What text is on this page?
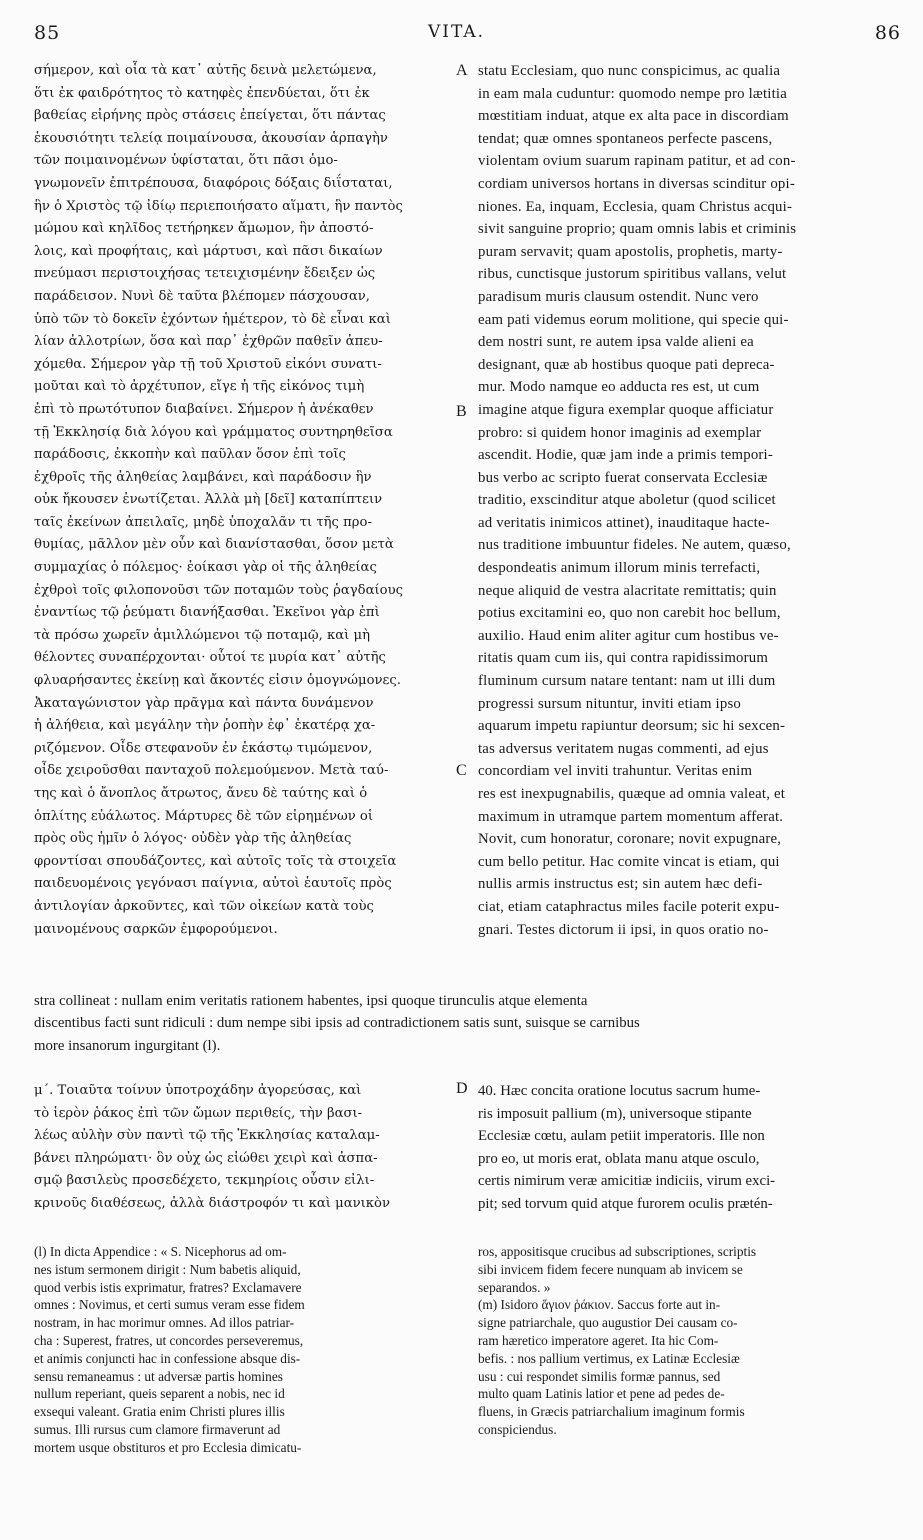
85	VITA.	86
σήμερον, καὶ οἷα τὰ κατ᾽ αὐτῆς δεινὰ μελετώμενα,
ὅτι ἐκ φαιδρότητος τὸ κατηφὲς ἐπενδύεται, ὅτι ἐκ
βαθείας εἰρήνης πρὸς στάσεις ἐπείγεται, ὅτι πάντας
ἑκουσιότητι τελείᾳ ποιμαίνουσα, ἀκουσίαν ἁρπαγὴν
τῶν ποιμαινομένων ὑφίσταται, ὅτι πᾶσι ὁμο-
γνωμονεῖν ἐπιτρέπουσα, διαφόροις δόξαις διΐσταται,
ἣν ὁ Χριστὸς τῷ ἰδίῳ περιεποιήσατο αἵματι, ἣν παντὸς
μώμου καὶ κηλῖδος τετήρηκεν ἄμωμον, ἣν ἀποστό-
λοις, καὶ προφήταις, καὶ μάρτυσι, καὶ πᾶσι δικαίων
πνεύμασι περιστοιχήσας τετειχισμένην ἔδειξεν ὡς
παράδεισον. Νυνὶ δὲ ταῦτα βλέπομεν πάσχουσαν,
ὑπὸ τῶν τὸ δοκεῖν ἐχόντων ἡμέτερον, τὸ δὲ εἶναι καὶ
λίαν ἀλλοτρίων, ὅσα καὶ παρ᾽ ἐχθρῶν παθεῖν ἀπευ-
χόμεθα. Σήμερον γὰρ τῇ τοῦ Χριστοῦ εἰκόνι συνατι-
μοῦται καὶ τὸ ἀρχέτυπον, εἴγε ἡ τῆς εἰκόνος τιμὴ
ἐπὶ τὸ πρωτότυπον διαβαίνει. Σήμερον ἡ ἀνέκαθεν
τῇ Ἐκκλησίᾳ διὰ λόγου καὶ γράμματος συντηρηθεῖσα
παράδοσις, ἐκκοπὴν καὶ παῦλαν ὅσον ἐπὶ τοῖς
ἐχθροῖς τῆς ἀληθείας λαμβάνει, καὶ παράδοσιν ἣν
οὐκ ἤκουσεν ἐνωτίζεται. Ἀλλὰ μὴ [δεῖ] καταπίπτειν
ταῖς ἐκείνων ἀπειλαῖς, μηδὲ ὑποχαλᾶν τι τῆς προ-
θυμίας, μᾶλλον μὲν οὖν καὶ διανίστασθαι, ὅσον μετὰ
συμμαχίας ὁ πόλεμος· ἐοίκασι γὰρ οἱ τῆς ἀληθείας
ἐχθροὶ τοῖς φιλοπονοῦσι τῶν ποταμῶν τοὺς ῥαγδαίους
ἐναντίως τῷ ῥεύματι διανήξασθαι. Ἐκεῖνοι γὰρ ἐπὶ
τὰ πρόσω χωρεῖν ἁμιλλώμενοι τῷ ποταμῷ, καὶ μὴ
θέλοντες συναπέρχονται· οὗτοί τε μυρία κατ᾽ αὐτῆς
φλυαρήσαντες ἐκείνῃ καὶ ἄκοντές εἰσιν ὁμογνώμονες.
Ἀκαταγώνιστον γὰρ πρᾶγμα καὶ πάντα δυνάμενον
ἡ ἀλήθεια, καὶ μεγάλην τὴν ῥοπὴν ἐφ᾽ ἑκατέρᾳ χα-
ριζόμενον. Οἶδε στεφανοῦν ἐν ἑκάστῳ τιμώμενον,
οἶδε χειροῦσθαι πανταχοῦ πολεμούμενον. Μετὰ ταύ-
της καὶ ὁ ἄνοπλος ἄτρωτος, ἄνευ δὲ ταύτης καὶ ὁ
ὁπλίτης εὐάλωτος. Μάρτυρες δὲ τῶν εἰρημένων οἱ
πρὸς οὓς ἡμῖν ὁ λόγος· οὐδὲν γὰρ τῆς ἀληθείας
φροντίσαι σπουδάζοντες, καὶ αὐτοῖς τοῖς τὰ στοιχεῖα
παιδευομένοις γεγόνασι παίγνια, αὐτοὶ ἑαυτοῖς πρὸς
ἀντιλογίαν ἀρκοῦντες, καὶ τῶν οἰκείων κατὰ τοὺς
μαινομένους σαρκῶν ἐμφορούμενοι.
statu Ecclesiam, quo nunc conspicimus, ac qualia
in eam mala cuduntur: quomodo nempe pro lætitia
mœstitiam induat, atque ex alta pace in discordiam
tendat; quæ omnes spontaneos perfecte pascens,
violentam ovium suarum rapinam patitur, et ad con-
cordiam universos hortans in diversas scinditur opi-
niones. Ea, inquam, Ecclesia, quam Christus acqui-
sivit sanguine proprio; quam omnis labis et criminis
puram servavit; quam apostolis, prophetis, marty-
ribus, cunctisque justorum spiritibus vallans, velut
paradisum muris clausum ostendit. Nunc vero
eam pati videmus eorum molitione, qui specie qui-
dem nostri sunt, re autem ipsa valde alieni ea
designant, quæ ab hostibus quoque pati depreca-
mur. Modo namque eo adducta res est, ut cum
imagine atque figura exemplar quoque afficiatur
probro: si quidem honor imaginis ad exemplar
ascendit. Hodie, quæ jam inde a primis tempori-
bus verbo ac scripto fuerat conservata Ecclesiæ
traditio, exscinditur atque aboletur (quod scilicet
ad veritatis inimicos attinet), inauditaque hacte-
nus traditione imbuuntur fideles. Ne autem, quæso,
despondeatis animum illorum minis terrefacti,
neque aliquid de vestra alacritate remittatis; quin
potius excitamini eo, quo non carebit hoc bellum,
auxilio. Haud enim aliter agitur cum hostibus ve-
ritatis quam cum iis, qui contra rapidissimorum
fluminum cursum natare tentant: nam ut illi dum
progressi sursum nituntur, inviti etiam ipso
aquarum impetu rapiuntur deorsum; sic hi sexcen-
tas adversus veritatem nugas commenti, ad ejus
concordiam vel inviti trahuntur. Veritas enim
res est inexpugnabilis, quæque ad omnia valeat, et
maximum in utramque partem momentum afferat.
Novit, cum honoratur, coronare; novit expugnare,
cum bello petitur. Hac comite vincat is etiam, qui
nullis armis instructus est; sin autem hæc defi-
ciat, etiam cataphractus miles facile poterit expu-
gnari. Testes dictorum ii ipsi, in quos oratio no-
A
B
C
D
stra collineat : nullam enim veritatis rationem habentes, ipsi quoque tirunculis atque elementa
discentibus facti sunt ridiculi : dum nempe sibi ipsis ad contradictionem satis sunt, suisque se carnibus
more insanorum ingurgitant (l).
μ΄. Τοιαῦτα τοίνυν ὑποτροχάδην ἀγορεύσας, καὶ
τὸ ἱερὸν ῥάκος ἐπὶ τῶν ὤμων περιθείς, τὴν βασι-
λέως αὐλὴν σὺν παντὶ τῷ τῆς Ἐκκλησίας καταλαμ-
βάνει πληρώματι· ὃν οὐχ ὡς εἰώθει χειρὶ καὶ ἀσπα-
σμῷ βασιλεὺς προσεδέχετο, τεκμηρίοις οὖσιν εἰλι-
κρινοῦς διαθέσεως, ἀλλὰ διάστροφόν τι καὶ μανικὸν
40. Hæc concita oratione locutus sacrum hume-
ris imposuit pallium (m), universoque stipante
Ecclesiæ cœtu, aulam petiit imperatoris. Ille non
pro eo, ut moris erat, oblata manu atque osculo,
certis nimirum veræ amicitiæ indiciis, virum exci-
pit; sed torvum quid atque furorem oculis prætén-
(l) In dicta Appendice : « S. Nicephorus ad om-
nes istum sermonem dirigit : Num babetis aliquid,
quod verbis istis exprimatur, fratres? Exclamavere
omnes : Novimus, et certi sumus veram esse fidem
nostram, in hac morimur omnes. Ad illos patriar-
cha : Superest, fratres, ut concordes perseveremus,
et animis conjuncti hac in confessione absque dis-
sensu remaneamus : ut adversæ partis homines
nullum reperiant, queis separent a nobis, nec id
exsequi valeant. Gratia enim Christi plures illis
sumus. Illi rursus cum clamore firmaverunt ad
mortem usque obstituros et pro Ecclesia dimicatu-
ros, appositisque crucibus ad subscriptiones, scriptis
sibi invicem fidem fecere nunquam ab invicem se
separandos. »
(m) Isidoro ἅγιον ῥάκιον. Saccus forte aut in-
signe patriarchale, quo augustior Dei causam co-
ram hæretico imperatore ageret. Ita hic Com-
befis. : nos pallium vertimus, ex Latinæ Ecclesiæ
usu : cui respondet similis formæ pannus, sed
multo quam Latinis latior et pene ad pedes de-
fluens, in Græcis patriarchalium imaginum formis
conspiciendus.
